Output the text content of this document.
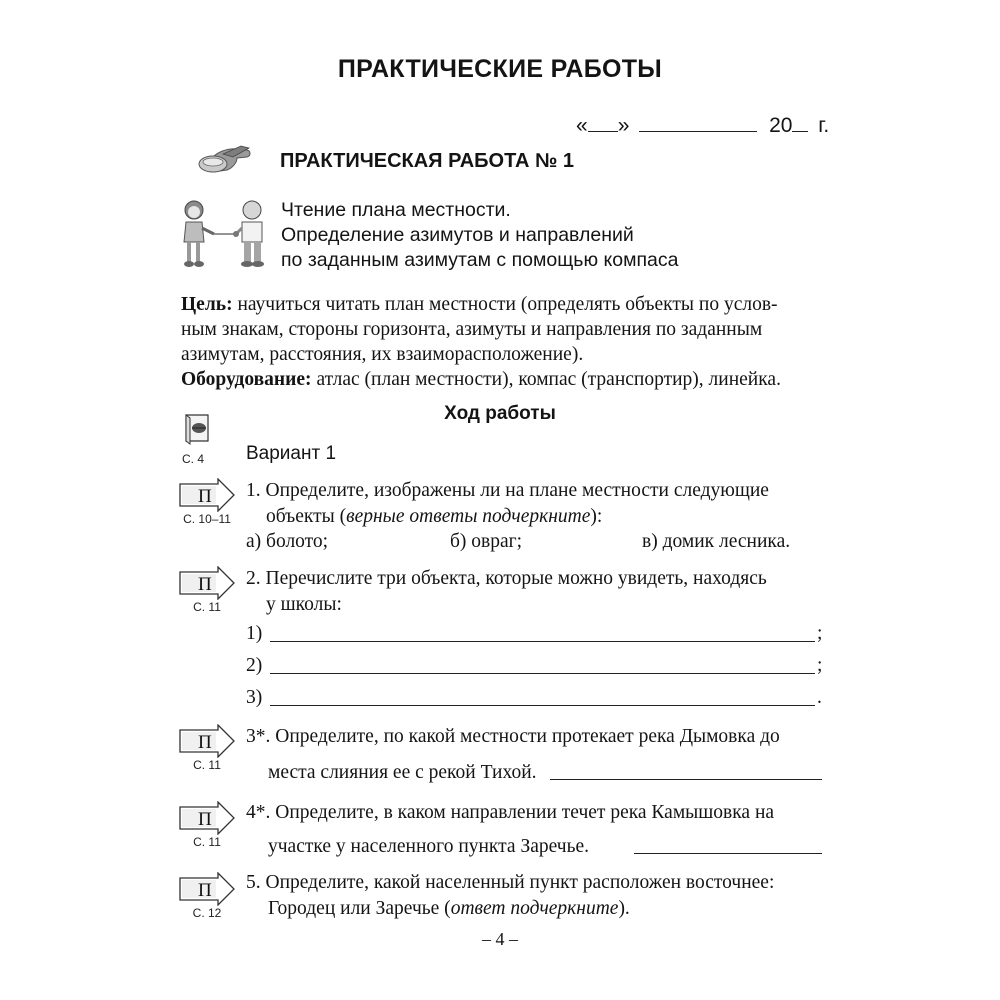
ПРАКТИЧЕСКИЕ РАБОТЫ
« »	20 г.
ПРАКТИЧЕСКАЯ РАБОТА № 1
Чтение плана местности.
Определение азимутов и направлений
по заданным азимутам с помощью компаса
Цель: научиться читать план местности (определять объекты по услов-
ным знакам, стороны горизонта, азимуты и направления по заданным
азимутам, расстояния, их взаиморасположение).
Оборудование: атлас (план местности), компас (транспортир), линейка.
Ход работы
С. 4	Вариант 1
П
С. 10–11
1. Определите, изображены ли на плане местности следующие
объекты (верные ответы подчеркните):
а) болото;	б) овраг;	в) домик лесника.
П
С. 11
2. Перечислите три объекта, которые можно увидеть, находясь
у школы:
1)	;
2)	;
3)	.
П
С. 11
3*. Определите, по какой местности протекает река Дымовка до
места слияния ее с рекой Тихой.
П
С. 11
4*. Определите, в каком направлении течет река Камышовка на
участке у населенного пункта Заречье.
П
С. 12
5. Определите, какой населенный пункт расположен восточнее:
Городец или Заречье (ответ подчеркните).
– 4 –
